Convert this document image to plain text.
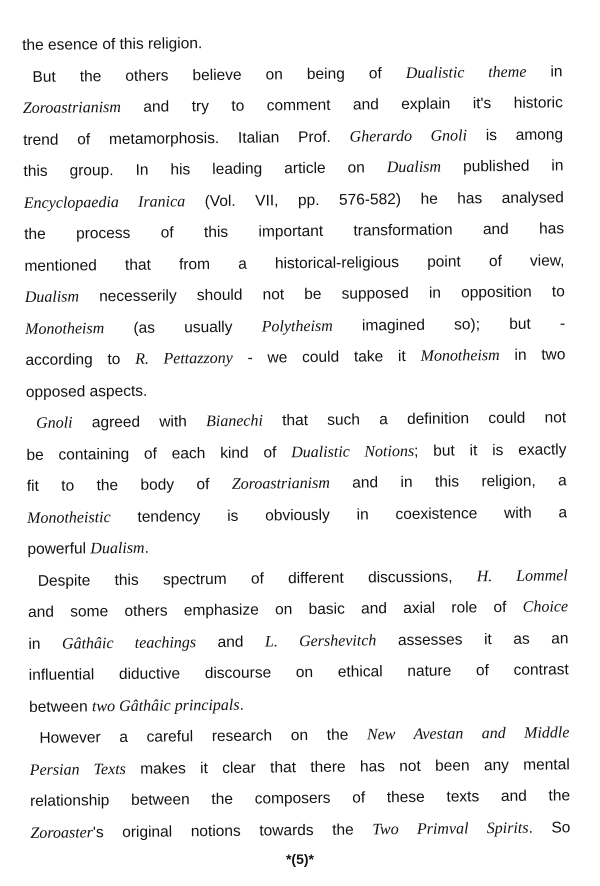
the esence of this religion.
But the others believe on being of Dualistic theme in
Zoroastrianism and try to comment and explain it's historic
trend of metamorphosis. Italian Prof. Gherardo Gnoli is among
this group. In his leading article on Dualism published in
Encyclopaedia Iranica (Vol. VII, pp. 576-582) he has analysed
the process of this important transformation and has
mentioned that from a historical-religious point of view,
Dualism necesserily should not be supposed in opposition to
Monotheism (as usually Polytheism imagined so); but -
according to R. Pettazzony - we could take it Monotheism in two
opposed aspects.
Gnoli agreed with Bianechi that such a definition could not
be containing of each kind of Dualistic Notions; but it is exactly
fit to the body of Zoroastrianism and in this religion, a
Monotheistic tendency is obviously in coexistence with a
powerful Dualism.
Despite this spectrum of different discussions, H. Lommel
and some others emphasize on basic and axial role of Choice
in Gâthâic teachings and L. Gershevitch assesses it as an
influential diductive discourse on ethical nature of contrast
between two Gâthâic principals.
However a careful research on the New Avestan and Middle
Persian Texts makes it clear that there has not been any mental
relationship between the composers of these texts and the
Zoroaster's original notions towards the Two Primval Spirits. So
*(5)*
